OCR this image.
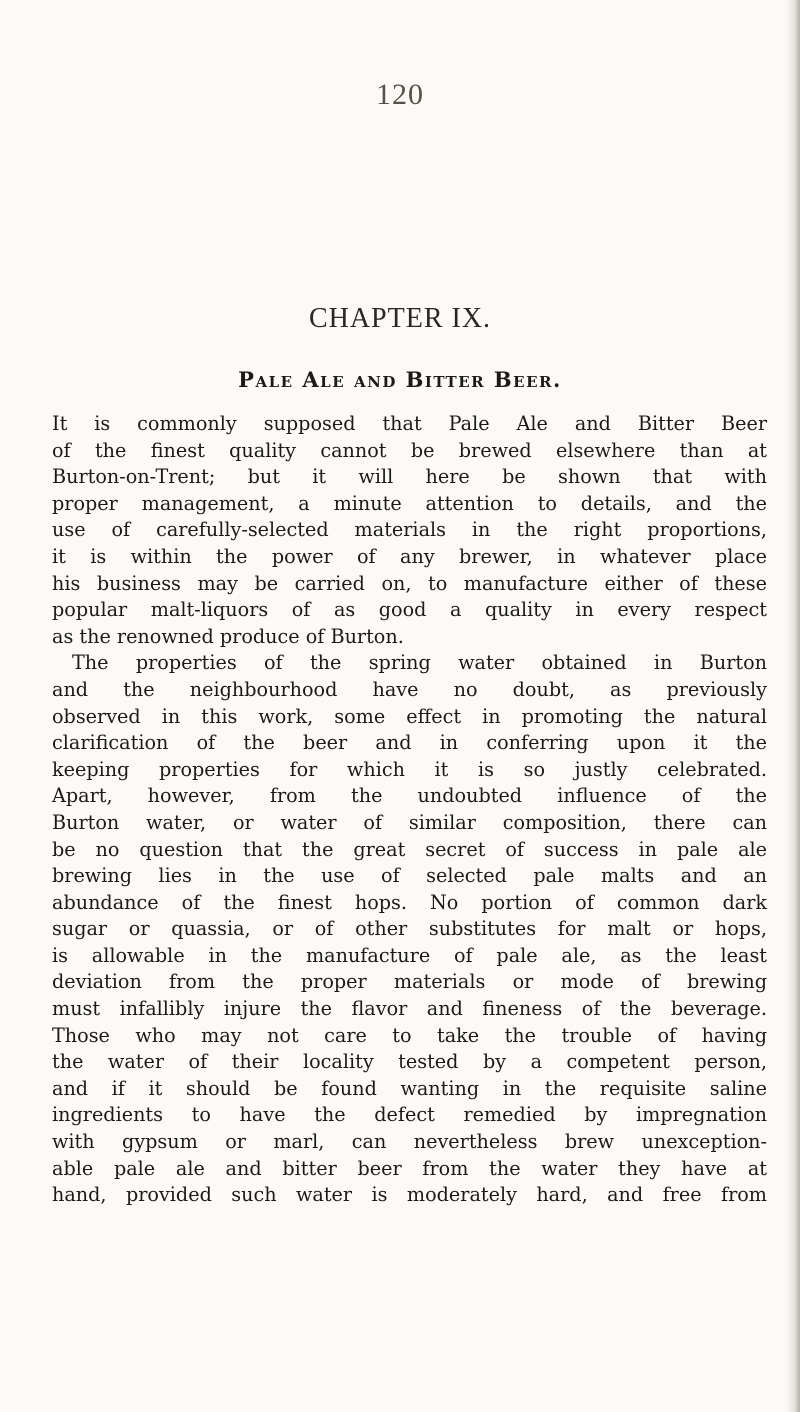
120
CHAPTER IX.
Pale Ale and Bitter Beer.
It is commonly supposed that Pale Ale and Bitter Beer
of the finest quality cannot be brewed elsewhere than at
Burton-on-Trent; but it will here be shown that with
proper management, a minute attention to details, and the
use of carefully-selected materials in the right proportions,
it is within the power of any brewer, in whatever place
his business may be carried on, to manufacture either of these
popular malt-liquors of as good a quality in every respect
as the renowned produce of Burton.
The properties of the spring water obtained in Burton
and the neighbourhood have no doubt, as previously
observed in this work, some effect in promoting the natural
clarification of the beer and in conferring upon it the
keeping properties for which it is so justly celebrated.
Apart, however, from the undoubted influence of the
Burton water, or water of similar composition, there can
be no question that the great secret of success in pale ale
brewing lies in the use of selected pale malts and an
abundance of the finest hops. No portion of common dark
sugar or quassia, or of other substitutes for malt or hops,
is allowable in the manufacture of pale ale, as the least
deviation from the proper materials or mode of brewing
must infallibly injure the flavor and fineness of the beverage.
Those who may not care to take the trouble of having
the water of their locality tested by a competent person,
and if it should be found wanting in the requisite saline
ingredients to have the defect remedied by impregnation
with gypsum or marl, can nevertheless brew unexception-
able pale ale and bitter beer from the water they have at
hand, provided such water is moderately hard, and free from
